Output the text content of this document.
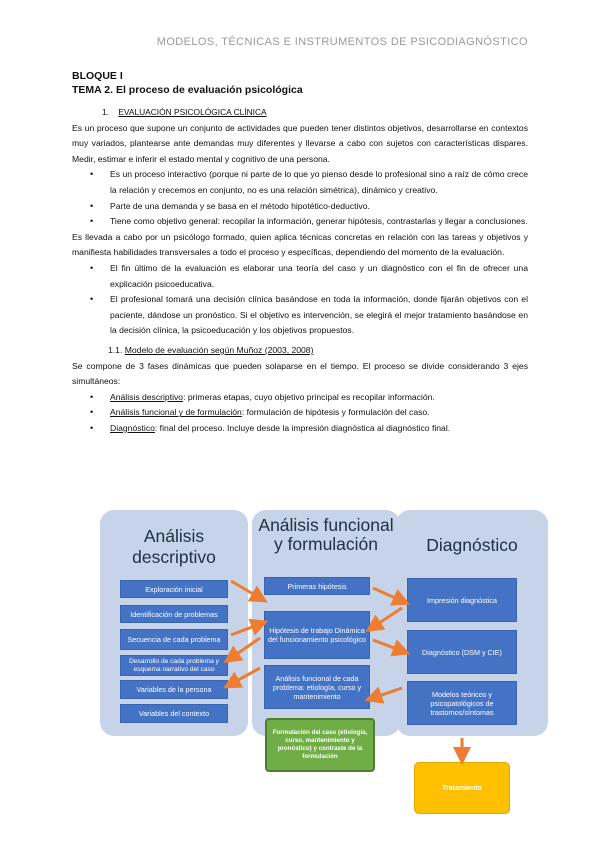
MODELOS, TÉCNICAS E INSTRUMENTOS DE PSICODIAGNÓSTICO

BLOQUE I

TEMA 2. El proceso de evaluación psicológica

1. EVALUACIÓN PSICOLÓGICA CLÍNICA

Es un proceso que supone un conjunto de actividades que pueden tener distintos objetivos, desarrollarse en contextos muy variados, plantearse ante demandas muy diferentes y llevarse a cabo con sujetos con características dispares. Medir, estimar e inferir el estado mental y cognitivo de una persona.

• Es un proceso interactivo (porque ni parte de lo que yo pienso desde lo profesional sino a raíz de cómo crece la relación y crecemos en conjunto, no es una relación simétrica), dinámico y creativo.
• Parte de una demanda y se basa en el método hipotético-deductivo.
• Tiene como objetivo general: recopilar la información, generar hipótesis, contrastarlas y llegar a conclusiones.

Es llevada a cabo por un psicólogo formado, quien aplica técnicas concretas en relación con las tareas y objetivos y manifiesta habilidades transversales a todo el proceso y específicas, dependiendo del momento de la evaluación.

• El fin último de la evaluación es elaborar una teoría del caso y un diagnóstico con el fin de ofrecer una explicación psicoeducativa.
• El profesional tomará una decisión clínica basándose en toda la información, donde fijarán objetivos con el paciente, dándose un pronóstico. Si el objetivo es intervención, se elegirá el mejor tratamiento basándose en la decisión clínica, la psicoeducación y los objetivos propuestos.

1.1. Modelo de evaluación según Muñoz (2003, 2008)

Se compone de 3 fases dinámicas que pueden solaparse en el tiempo. El proceso se divide considerando 3 ejes simultáneos:

• Análisis descriptivo: primeras etapas, cuyo objetivo principal es recopilar información.
• Análisis funcional y de formulación: formulación de hipótesis y formulación del caso.
• Diagnóstico: final del proceso. Incluye desde la impresión diagnóstica al diagnóstico final.
Análisis descriptivo
Exploración inicial
Identificación de problemas
Secuencia de cada problema
Desarrollo de cada problema y esquema narrativo del caso
Variables de la persona
Variables del contexto
Análisis funcional y formulación
Primeras hipótesis
Hipótesis de trabajo Dinámica del funcionamiento psicológico
Análisis funcional de cada problema: etiología, curso y mantenimiento
Formulación del caso (etiología, curso, mantenimiento y pronóstico) y contraste de la formulación
Diagnóstico
Impresión diagnóstica
Diagnóstico (DSM y CIE)
Modelos teóricos y psicopatológicos de trastornos/síntomas
Tratamiento
